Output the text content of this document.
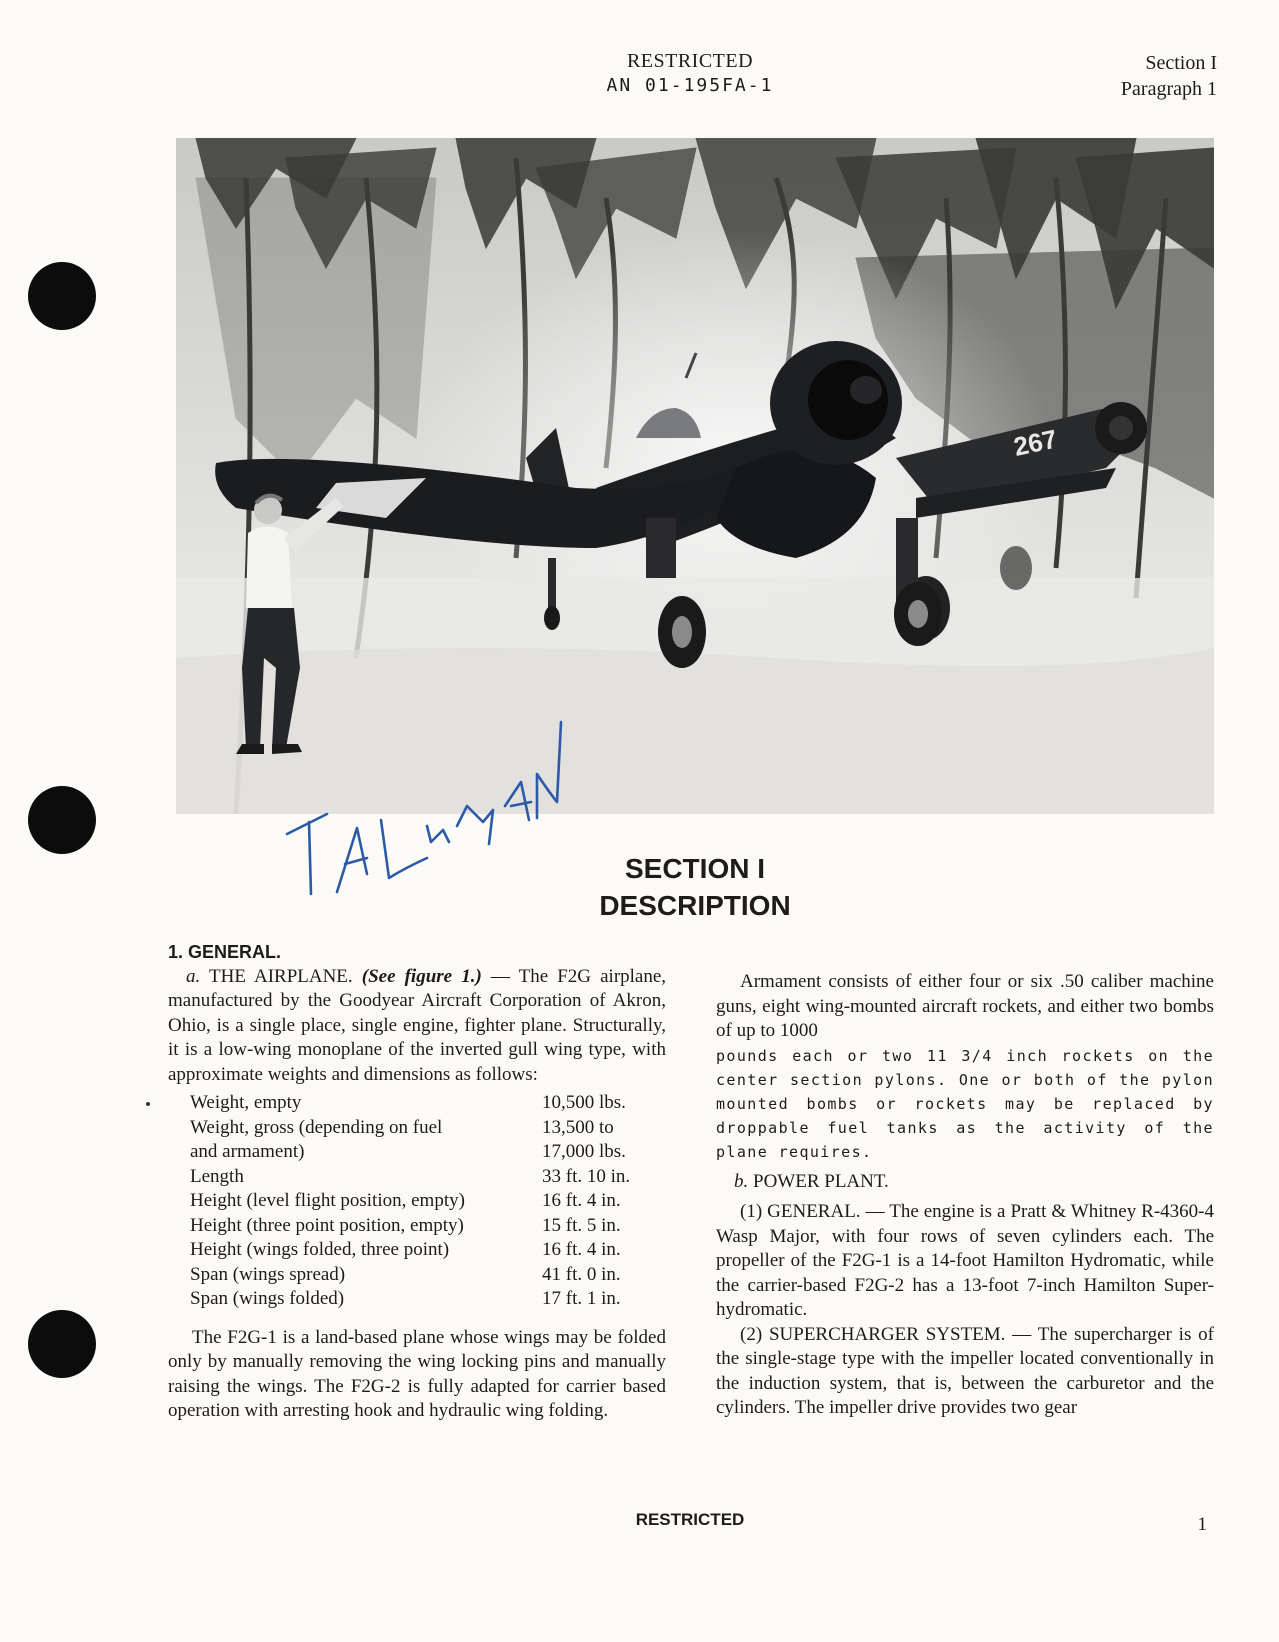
RESTRICTED
AN 01-195FA-1
Section I
Paragraph 1
267
SECTION I
DESCRIPTION

1. GENERAL.

a. THE AIRPLANE. (See figure 1.) — The F2G airplane, manufactured by the Goodyear Aircraft Corporation of Akron, Ohio, is a single place, single engine, fighter plane. Structurally, it is a low-wing monoplane of the inverted gull wing type, with approximate weights and dimensions as follows:

Weight, empty	10,500 lbs.
Weight, gross (depending on fuel	13,500 to
and armament)	17,000 lbs.
Length	33 ft. 10 in.
Height (level flight position, empty)	16 ft. 4 in.
Height (three point position, empty)	15 ft. 5 in.
Height (wings folded, three point)	16 ft. 4 in.
Span (wings spread)	41 ft. 0 in.
Span (wings folded)	17 ft. 1 in.

The F2G-1 is a land-based plane whose wings may be folded only by manually removing the wing locking pins and manually raising the wings. The F2G-2 is fully adapted for carrier based operation with arresting hook and hydraulic wing folding.

Armament consists of either four or six .50 caliber machine guns, eight wing-mounted aircraft rockets, and either two bombs of up to 1000

pounds each or two 11 3/4 inch rockets on the center section pylons. One or both of the pylon mounted bombs or rockets may be replaced by droppable fuel tanks as the activity of the plane requires.

b. POWER PLANT.

(1) GENERAL. — The engine is a Pratt & Whitney R-4360-4 Wasp Major, with four rows of seven cylinders each. The propeller of the F2G-1 is a 14-foot Hamilton Hydromatic, while the carrier-based F2G-2 has a 13-foot 7-inch Hamilton Super-hydromatic.

(2) SUPERCHARGER SYSTEM. — The supercharger is of the single-stage type with the impeller located conventionally in the induction system, that is, between the carburetor and the cylinders. The impeller drive provides two gear

RESTRICTED	1
